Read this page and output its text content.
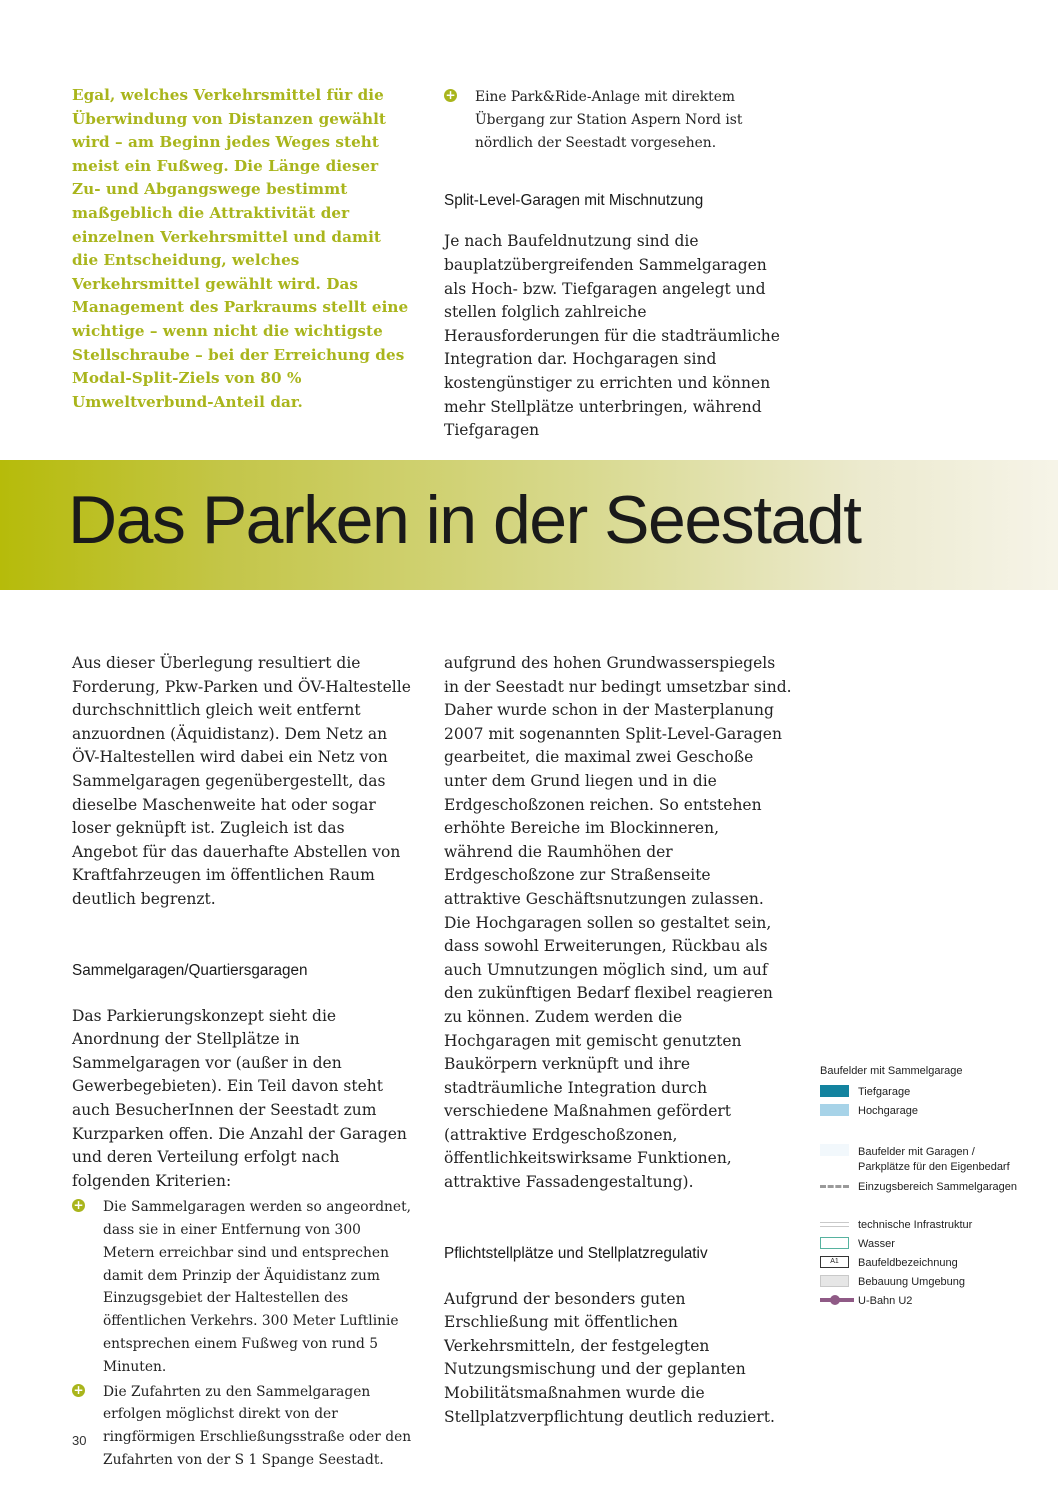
Egal, welches Verkehrsmittel für die Überwindung von Distanzen gewählt wird – am Beginn jedes Weges steht meist ein Fußweg. Die Länge dieser Zu- und Abgangswege bestimmt maßgeblich die Attraktivität der einzelnen Verkehrsmittel und damit die Entscheidung, welches Verkehrsmittel gewählt wird. Das Management des Parkraums stellt eine wichtige – wenn nicht die wichtigste Stellschraube – bei der Erreichung des Modal-Split-Ziels von 80 % Umweltverbund-Anteil dar.

+ Eine Park&Ride-Anlage mit direktem Übergang zur Station Aspern Nord ist nördlich der Seestadt vorgesehen.
Split-Level-Garagen mit Mischnutzung

Je nach Baufeldnutzung sind die bauplatzübergreifenden Sammelgaragen als Hoch- bzw. Tiefgaragen angelegt und stellen folglich zahlreiche Herausforderungen für die stadträumliche Integration dar. Hochgaragen sind kostengünstiger zu errichten und können mehr Stellplätze unterbringen, während Tiefgaragen

Das Parken in der Seestadt

Aus dieser Überlegung resultiert die Forderung, Pkw-Parken und ÖV-Haltestelle durchschnittlich gleich weit entfernt anzuordnen (Äquidistanz). Dem Netz an ÖV-Haltestellen wird dabei ein Netz von Sammelgaragen gegenübergestellt, das dieselbe Maschenweite hat oder sogar loser geknüpft ist. Zugleich ist das Angebot für das dauerhafte Abstellen von Kraftfahrzeugen im öffentlichen Raum deutlich begrenzt.

Sammelgaragen/Quartiersgaragen

Das Parkierungskonzept sieht die Anordnung der Stellplätze in Sammelgaragen vor (außer in den Gewerbegebieten). Ein Teil davon steht auch BesucherInnen der Seestadt zum Kurzparken offen. Die Anzahl der Garagen und deren Verteilung erfolgt nach folgenden Kriterien:

+ Die Sammelgaragen werden so angeordnet, dass sie in einer Entfernung von 300 Metern erreichbar sind und entsprechen damit dem Prinzip der Äquidistanz zum Einzugsgebiet der Haltestellen des öffentlichen Verkehrs. 300 Meter Luftlinie entsprechen einem Fußweg von rund 5 Minuten.
+ Die Zufahrten zu den Sammelgaragen erfolgen möglichst direkt von der ringförmigen Erschließungsstraße oder den Zufahrten von der S 1 Spange Seestadt.

aufgrund des hohen Grundwasserspiegels in der Seestadt nur bedingt umsetzbar sind. Daher wurde schon in der Masterplanung 2007 mit sogenannten Split-Level-Garagen gearbeitet, die maximal zwei Geschoße unter dem Grund liegen und in die Erdgeschoßzonen reichen. So entstehen erhöhte Bereiche im Blockinneren, während die Raumhöhen der Erdgeschoßzone zur Straßenseite attraktive Geschäftsnutzungen zulassen.

Die Hochgaragen sollen so gestaltet sein, dass sowohl Erweiterungen, Rückbau als auch Umnutzungen möglich sind, um auf den zukünftigen Bedarf flexibel reagieren zu können. Zudem werden die Hochgaragen mit gemischt genutzten Baukörpern verknüpft und ihre stadträumliche Integration durch verschiedene Maßnahmen gefördert (attraktive Erdgeschoßzonen, öffentlichkeitswirksame Funktionen, attraktive Fassadengestaltung).

Pflichtstellplätze und Stellplatzregulativ

Aufgrund der besonders guten Erschließung mit öffentlichen Verkehrsmitteln, der festgelegten Nutzungsmischung und der geplanten Mobilitätsmaßnahmen wurde die Stellplatzverpflichtung deutlich reduziert.

Baufelder mit Sammelgarage
Tiefgarage
Hochgarage
Baufelder mit Garagen /
Parkplätze für den Eigenbedarf
Einzugsbereich Sammelgaragen
technische Infrastruktur
Wasser
A1	Baufeldbezeichnung
Bebauung Umgebung
U-Bahn U2
30
